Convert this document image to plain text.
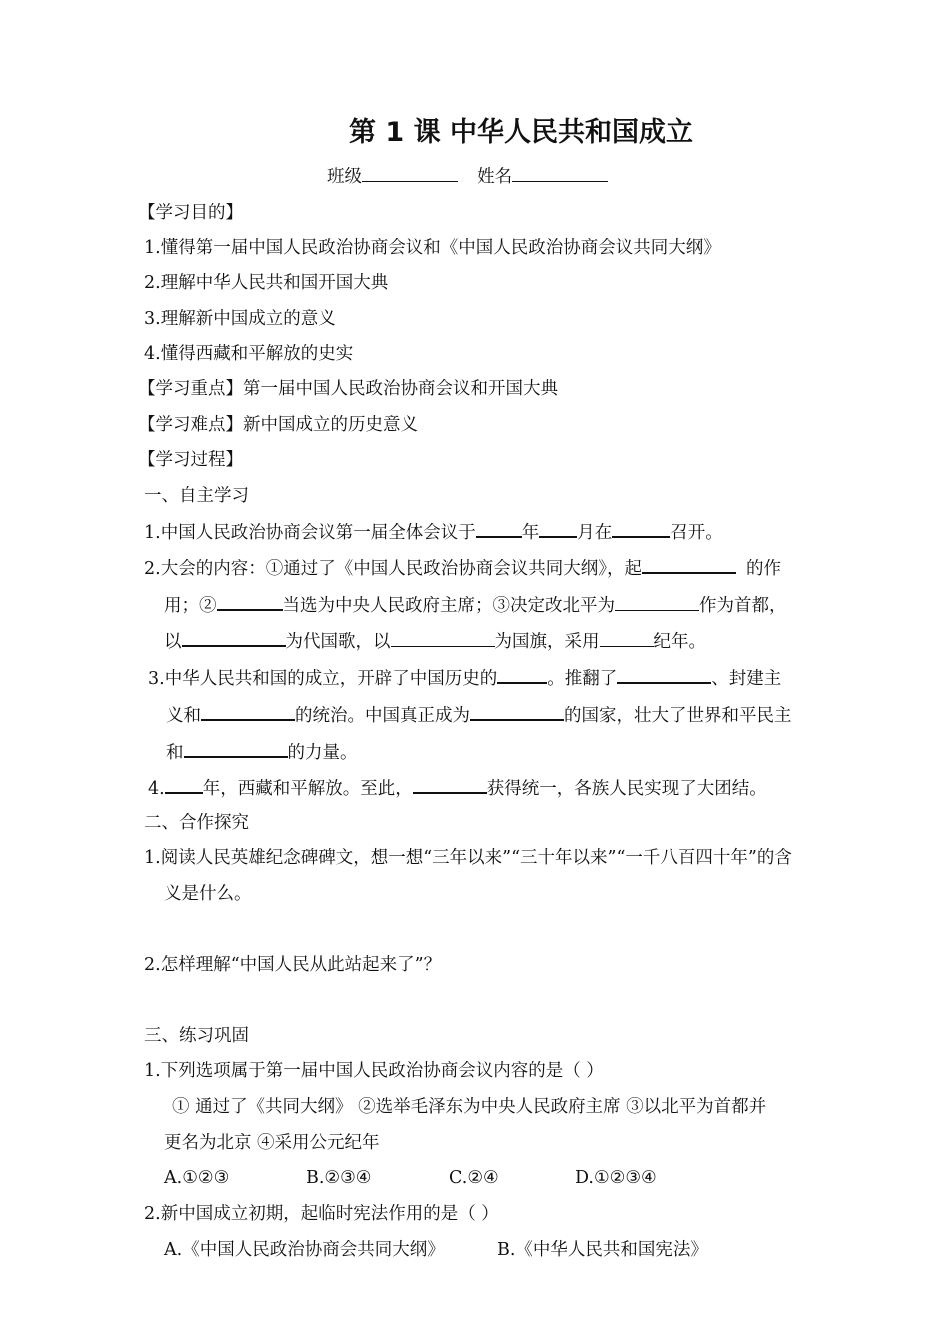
第 1 课 中华人民共和国成立
班级	姓名
【学习目的】
1.懂得第一届中国人民政治协商会议和《中国人民政治协商会议共同大纲》
2.理解中华人民共和国开国大典
3.理解新中国成立的意义
4.懂得西藏和平解放的史实
【学习重点】第一届中国人民政治协商会议和开国大典
【学习难点】新中国成立的历史意义
【学习过程】
一、自主学习
1.中国人民政治协商会议第一届全体会议于	年 月在	召开。
2.大会的内容：①通过了《中国人民政治协商会议共同大纲》，起	的作
用；②	当选为中央人民政府主席；③决定改北平为	作为首都，
以	为代国歌，以	为国旗，采用	纪年。
3.中华人民共和国的成立，开辟了中国历史的	。推翻了	、封建主
义和	的统治。中国真正成为	的国家，壮大了世界和平民主
和	的力量。
4. 年，西藏和平解放。至此，	获得统一，各族人民实现了大团结。
二、合作探究
1.阅读人民英雄纪念碑碑文，想一想“三年以来”“三十年以来”“一千八百四十年”的含
义是什么。
2.怎样理解“中国人民从此站起来了”？
三、练习巩固
1.下列选项属于第一届中国人民政治协商会议内容的是（ ）
① 通过了《共同大纲》 ②选举毛泽东为中央人民政府主席 ③以北平为首都并
更名为北京 ④采用公元纪年
A.①②③	B.②③④	C.②④	D.①②③④
2.新中国成立初期，起临时宪法作用的是（ ）
A.《中国人民政治协商会共同大纲》	B.《中华人民共和国宪法》
